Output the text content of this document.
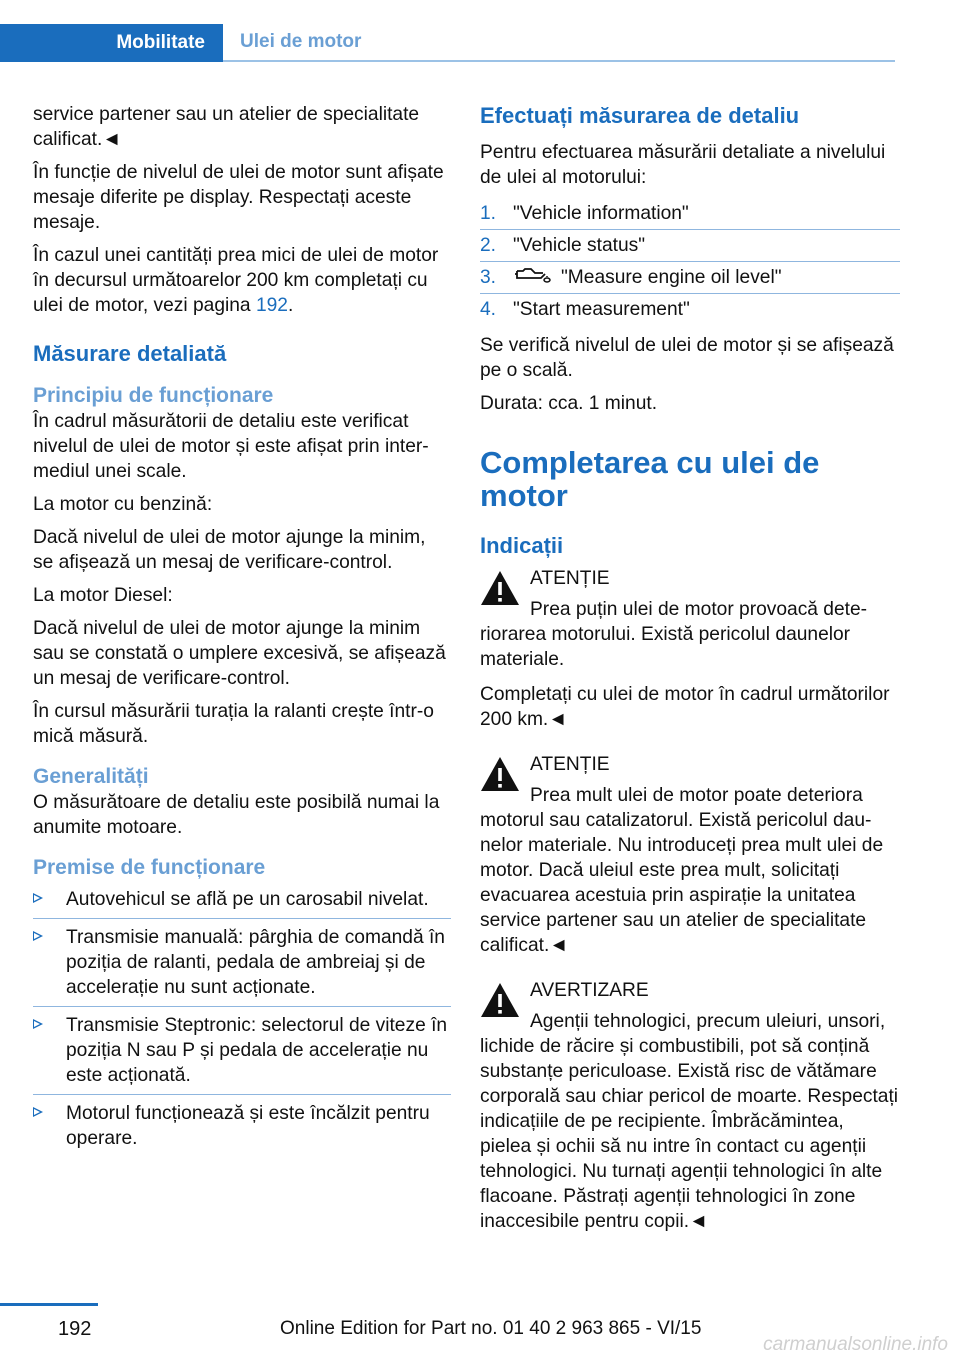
Mobilitate	Ulei de motor

service partener sau un atelier de specialitate calificat.◄

În funcție de nivelul de ulei de motor sunt afișate mesaje diferite pe display. Respectați aceste mesaje.

În cazul unei cantități prea mici de ulei de motor în decursul următoarelor 200 km completați cu ulei de motor, vezi pagina 192.

Măsurare detaliată
Principiu de funcționare

În cadrul măsurătorii de detaliu este verificat nivelul de ulei de motor și este afișat prin intermediul unei scale.

La motor cu benzină:

Dacă nivelul de ulei de motor ajunge la minim, se afișează un mesaj de verificare-control.

La motor Diesel:

Dacă nivelul de ulei de motor ajunge la minim sau se constată o umplere excesivă, se afișează un mesaj de verificare-control.

În cursul măsurării turația la ralanti crește într-o mică măsură.

Generalități

O măsurătoare de detaliu este posibilă numai la anumite motoare.

Premise de funcționare
Autovehicul se află pe un carosabil nivelat.
Transmisie manuală: pârghia de comandă în poziția de ralanti, pedala de ambreiaj și de accelerație nu sunt acționate.
Transmisie Steptronic: selectorul de viteze în poziția N sau P și pedala de accelerație nu este acționată.
Motorul funcționează și este încălzit pentru operare.
Efectuați măsurarea de detaliu

Pentru efectuarea măsurării detaliate a nivelului de ulei al motorului:

1. "Vehicle information"
2. "Vehicle status"
3.	"Measure engine oil level"
4. "Start measurement"

Se verifică nivelul de ulei de motor și se afișează pe o scală.

Durata: cca. 1 minut.

Completarea cu ulei de motor
Indicații

ATENȚIE

Prea puțin ulei de motor provoacă deteriorarea motorului. Există pericolul daunelor materiale.

Completați cu ulei de motor în cadrul următorilor 200 km.◄

ATENȚIE

Prea mult ulei de motor poate deteriora motorul sau catalizatorul. Există pericolul daunelor materiale. Nu introduceți prea mult ulei de motor. Dacă uleiul este prea mult, solicitați evacuarea acestuia prin aspirație la unitatea service partener sau un atelier de specialitate calificat.◄

AVERTIZARE

Agenții tehnologici, precum uleiuri, unsori, lichide de răcire și combustibili, pot să conțină substanțe periculoase. Există risc de vătămare corporală sau chiar pericol de moarte. Respectați indicațiile de pe recipiente. Îmbrăcămintea, pielea și ochii să nu intre în contact cu agenții tehnologici. Nu turnați agenții tehnologici în alte flacoane. Păstrați agenții tehnologici în zone inaccesibile pentru copii.◄

192	Online Edition for Part no. 01 40 2 963 865 - VI/15
carmanualsonline.info
